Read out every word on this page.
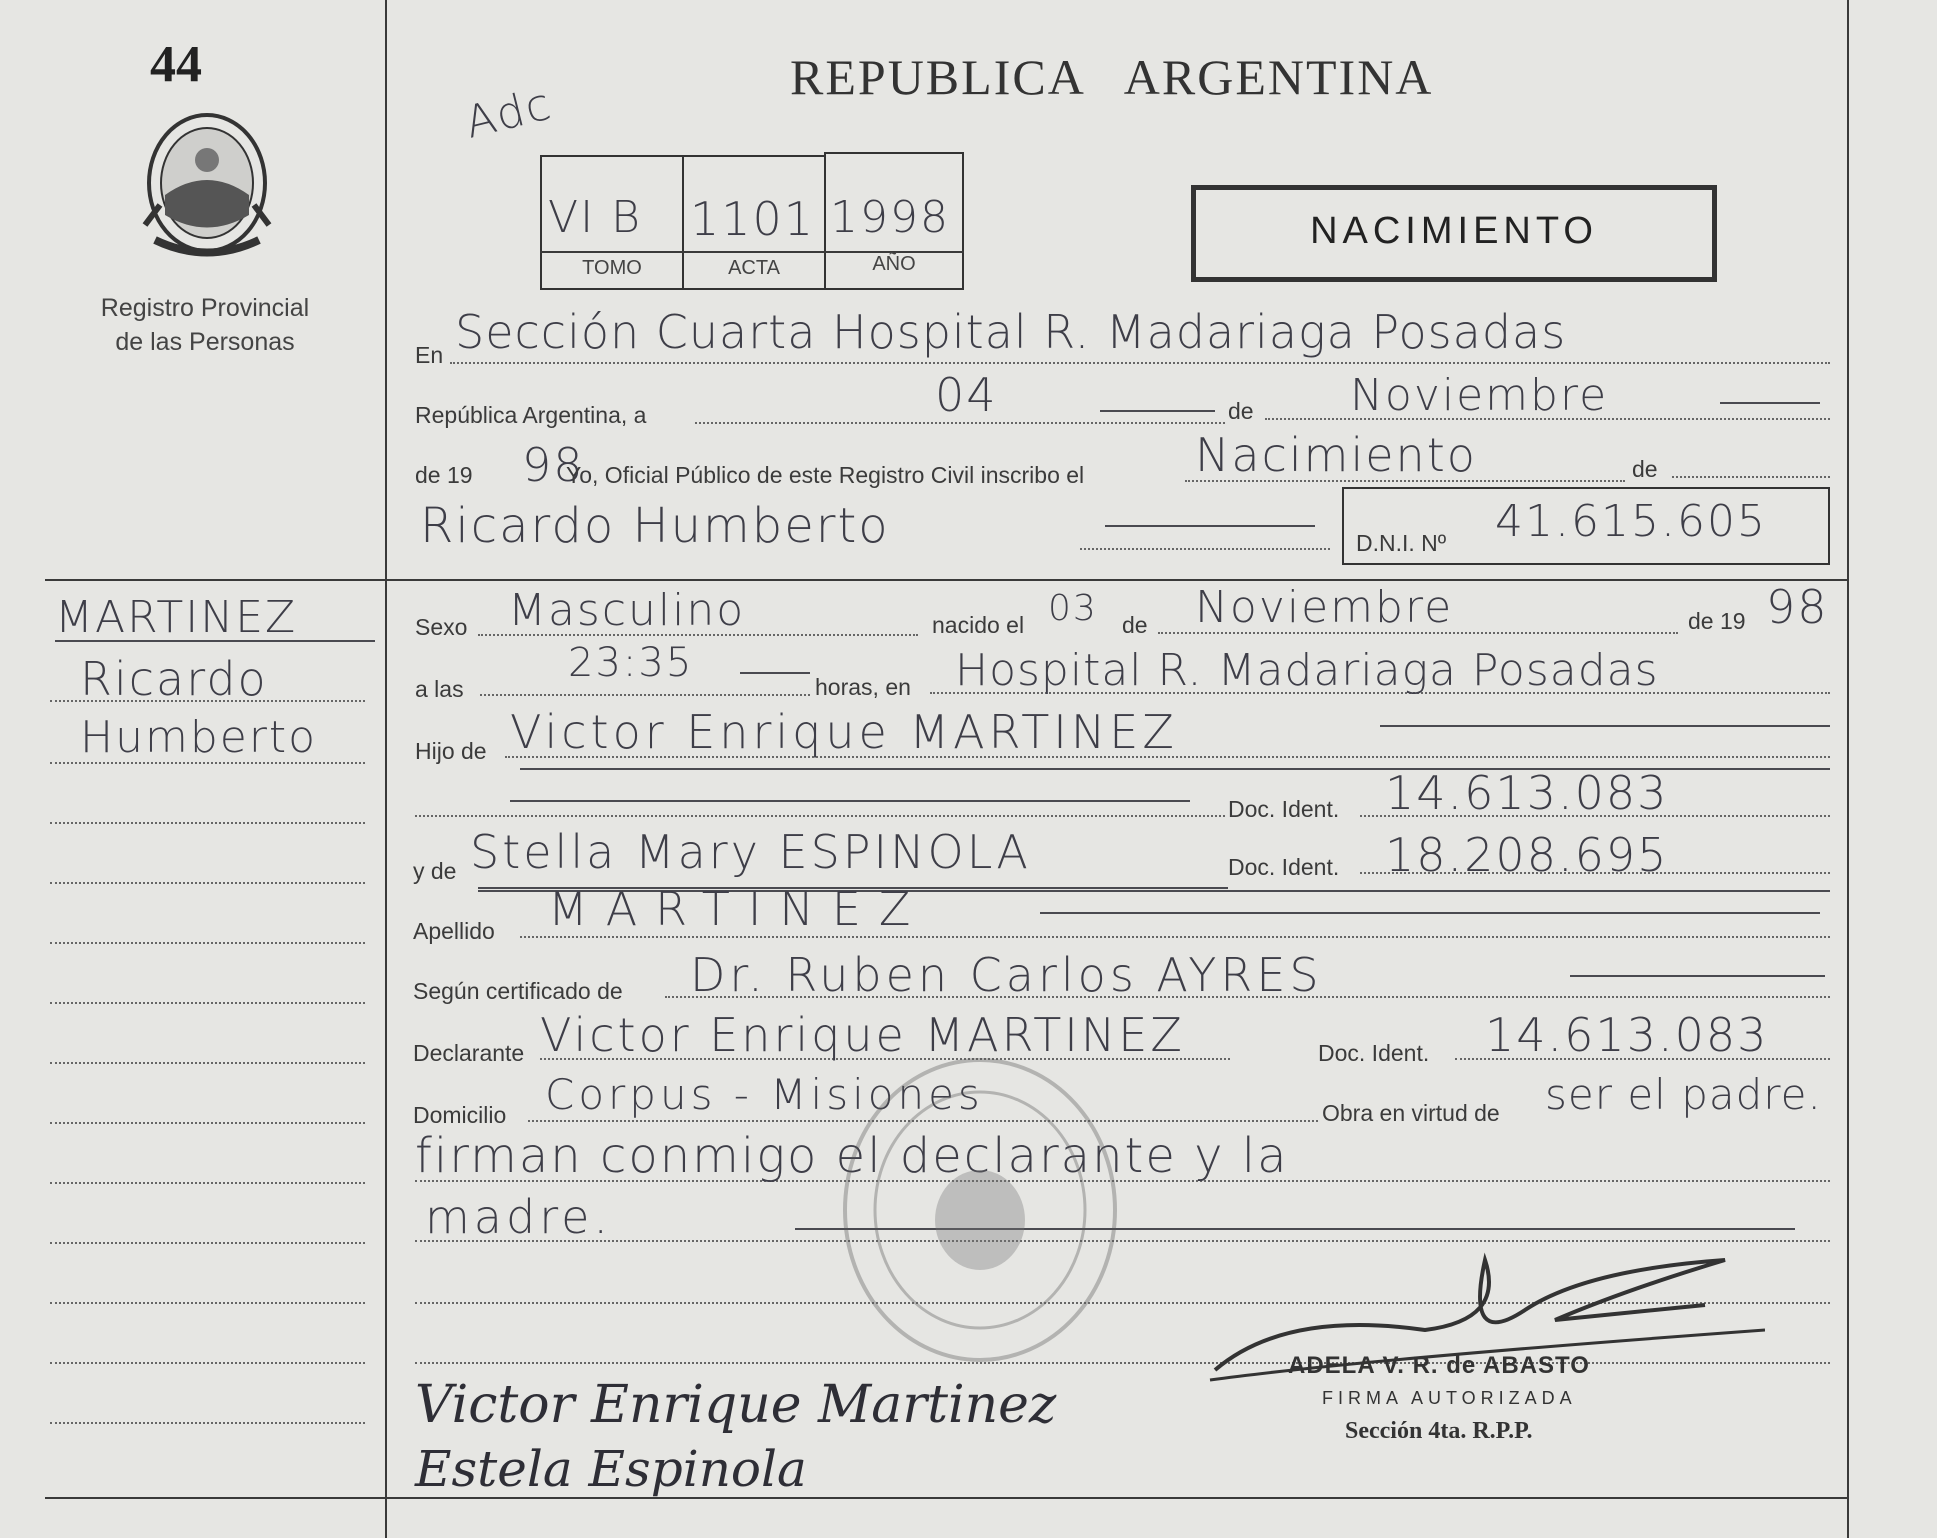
44
Registro Provincial
de las Personas
REPUBLICA   ARGENTINA
Adc
VI B 1101 1998
TOMO	ACTA	AÑO
NACIMIENTO
En Sección Cuarta Hospital R. Madariaga Posadas
República Argentina, a	04	de Noviembre
de 19 98
Yo, Oficial Público de este Registro Civil inscribo el Nacimiento	de
Ricardo Humberto	D.N.I. Nº 41.615.605
MARTINEZ
Ricardo
Humberto
Sexo Masculino	nacido el 03 de Noviembre	de 19 98
a las
23:35
horas, en Hospital R. Madariaga Posadas
Hijo de Victor Enrique MARTINEZ
Doc. Ident. 14.613.083
y de Stella Mary ESPINOLA	Doc. Ident. 18.208.695
Apellido MARTINEZ
Según certificado de Dr. Ruben Carlos AYRES
Declarante Victor Enrique MARTINEZ	Doc. Ident. 14.613.083
Domicilio Corpus - Misiones	Obra en virtud de ser el padre.
firman conmigo el declarante y la
madre.
Victor Enrique Martinez
Estela Espinola
ADELA V. R. de ABASTO
FIRMA AUTORIZADA
Sección 4ta. R.P.P.
